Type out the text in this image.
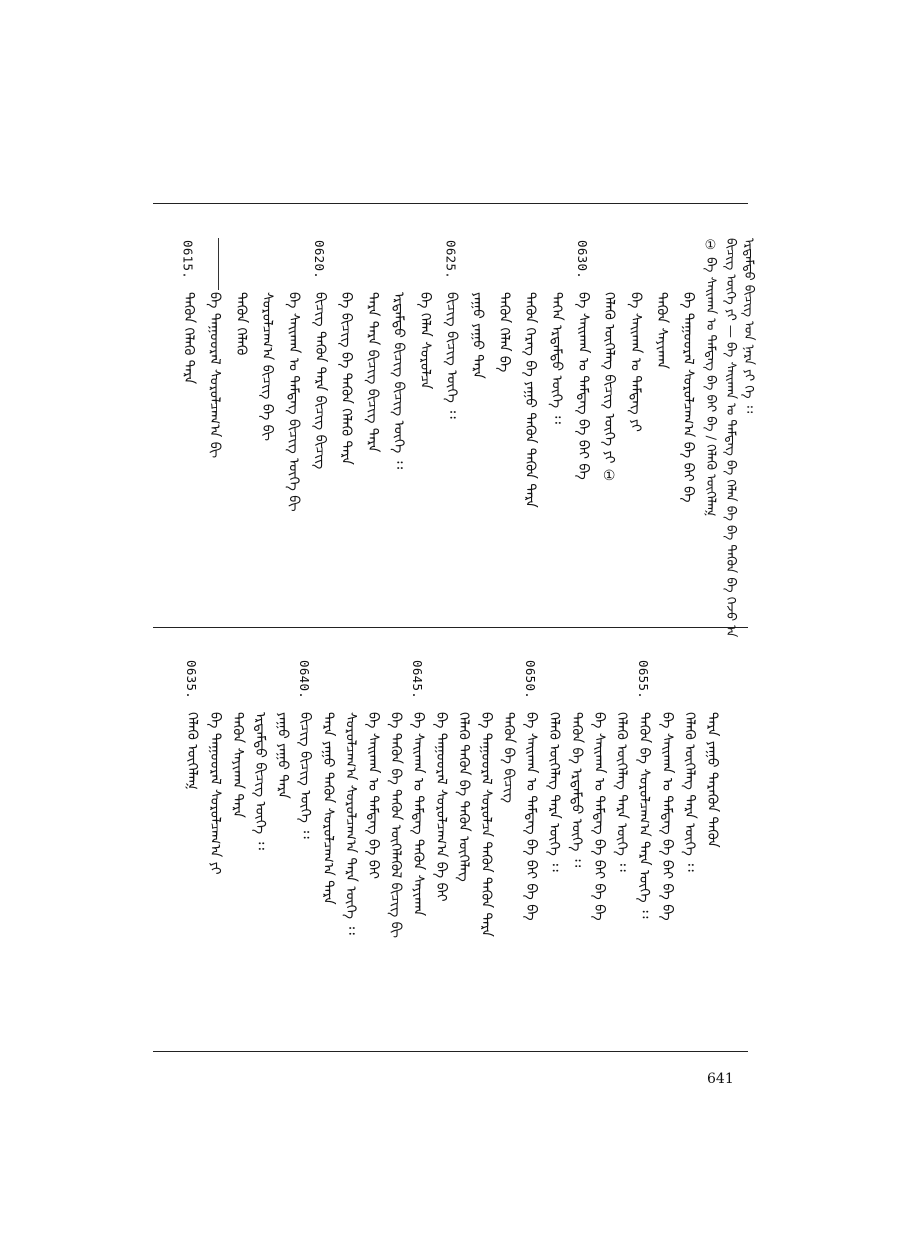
ᠡᠷᠳᠡᠮᠲᠦ ᠪᠢᠴᠢᠭ ᠤᠨ ᠨᠡᠷᠡ ᠶᠢ ᠬᠡ ᠄᠄
ᠪᠢᠴᠢᠭ ᠦᠭᠡ ᠶᠢ — ᠪᠡ ᠰᠠᠢᠬᠠᠨ ᠤ ᠲᠡᠮᠳᠡᠭ ᠪᠡ ᠬᠡᠯᠡᠨ ᠪᠡ ᠪᠡ ᠲᠡᠭᠦᠨ ᠪᠠ ᠭᠡᠵᠦ ᠠ
① ᠪᠡ ᠰᠠᠢᠬᠠᠨ ᠤ ᠲᠡᠮᠳᠡᠭ ᠪᠡ ᠪᠠᠢ ᠪᠡ / ᠬᠡᠯᠡᠬᠦ ᠦᠭᠡᠯᠡᠭ᠍
ᠪᠡ ᠳᠠᠭᠤᠤᠷᠠᠯ ᠰᠤᠷᠤᠯᠴᠠᠭ᠎ᠠ ᠪᠠ ᠪᠠᠢ ᠪᠡ
ᠲᠡᠭᠦᠨ ᠰᠠᠶᠢᠬᠠᠨ
ᠪᠡ ᠰᠠᠢᠬᠠᠨ ᠤ ᠲᠡᠮᠳᠡᠭ ᠶᠢ
ᠬᠡᠯᠡᠬᠦ ᠦᠭᠡᠯᠡᠭ ᠪᠢᠴᠢᠭ ᠦᠭᠡ ᠶᠢ ①
0630.
ᠪᠡ ᠰᠠᠢᠬᠠᠨ ᠤ ᠲᠡᠮᠳᠡᠭ ᠪᠠ ᠪᠠᠢ ᠪᠡ
ᠲᠡᠭᠡᠨ ᠡᠷᠳᠡᠮᠲᠦ ᠦᠭᠡ ᠄᠄
ᠲᠡᠭᠦᠨ ᠬᠡᠷᠡᠭ ᠪᠠ ᠶᠠᠭᠤ ᠲᠡᠭᠦᠨ ᠲᠡᠭᠦᠨ ᠲᠡᠷᠡ
ᠲᠡᠭᠦᠨ ᠬᠡᠯᠡᠨ ᠪᠡ
ᠶᠠᠭᠤ ᠶᠠᠭᠤ ᠲᠡᠷᠡ
0625.
ᠪᠢᠴᠢᠭ᠌ ᠪᠢᠴᠢᠭ ᠦᠭᠡ ᠄᠄
ᠪᠡ ᠬᠡᠯᠡᠨ ᠰᠤᠷᠤᠯᠴᠠ
ᠡᠷᠳᠡᠮᠲᠦ ᠪᠢᠴᠢᠭ ᠪᠢᠴᠢᠭ ᠦᠭᠡ ᠄᠄
ᠲᠡᠷᠡ ᠲᠡᠷᠡ ᠪᠢᠴᠢᠭ ᠪᠢᠴᠢᠭ ᠲᠡᠷᠡ
ᠪᠡ ᠪᠢᠴᠢᠭ ᠪᠠ ᠲᠡᠭᠦᠨ ᠬᠡᠯᠡᠬᠦ ᠲᠡᠷᠡ
0620.
ᠪᠢᠴᠢᠭ᠌ ᠲᠡᠭᠦᠨ ᠲᠡᠷᠡ ᠪᠢᠴᠢᠭ ᠪᠢᠴᠢᠭ
ᠪᠡ ᠰᠠᠢᠬᠠᠨ ᠤ ᠲᠡᠮᠳᠡᠭ ᠪᠢᠴᠢᠭ ᠦᠭᠡ ᠪᠢ
ᠰᠤᠷᠤᠯᠴᠠᠭ᠎ᠠ ᠪᠢᠴᠢᠭ ᠪᠠ ᠪᠢ
ᠲᠡᠭᠦᠨ ᠬᠡᠯᠡᠬᠦ
ᠪᠡ ᠳᠠᠭᠤᠤᠷᠠᠯ ᠰᠤᠷᠤᠯᠴᠠᠭ᠎ᠠ ᠪᠢ
0615.
ᠲᠡᠭᠦᠨ ᠬᠡᠯᠡᠬᠦ ᠲᠡᠷᠡ
ᠲᠡᠷᠡ ᠶᠠᠭᠤ ᠲᠡᠷᠡᠭᠦᠨ ᠲᠡᠭᠦᠨ
ᠬᠡᠯᠡᠬᠦ ᠦᠭᠡᠯᠡᠭ ᠲᠡᠷᠡ ᠦᠭᠡ ᠄᠄
ᠪᠡ ᠰᠠᠢᠬᠠᠨ ᠤ ᠲᠡᠮᠳᠡᠭ ᠪᠠ ᠪᠠᠢ ᠪᠡ ᠪᠡ
0655.
ᠲᠡᠭᠦᠨ ᠪᠠ ᠰᠤᠷᠤᠯᠴᠠᠭ᠎ᠠ ᠲᠡᠷᠡ ᠦᠭᠡ ᠄᠄
ᠬᠡᠯᠡᠬᠦ ᠦᠭᠡᠯᠡᠭ ᠲᠡᠷᠡ ᠦᠭᠡ ᠄᠄
ᠪᠡ ᠰᠠᠢᠬᠠᠨ ᠤ ᠲᠡᠮᠳᠡᠭ ᠪᠠ ᠪᠠᠢ ᠪᠡ ᠪᠡ
ᠲᠡᠭᠦᠨ ᠪᠠ ᠡᠷᠳᠡᠮᠲᠦ ᠦᠭᠡ ᠄᠄
ᠬᠡᠯᠡᠬᠦ ᠦᠭᠡᠯᠡᠭ ᠲᠡᠷᠡ ᠦᠭᠡ ᠄᠄
0650.
ᠪᠡ ᠰᠠᠢᠬᠠᠨ ᠤ ᠲᠡᠮᠳᠡᠭ ᠪᠠ ᠪᠠᠢ ᠪᠡ ᠪᠡ
ᠲᠡᠭᠦᠨ ᠪᠡ ᠪᠢᠴᠢᠭ
ᠪᠡ ᠳᠠᠭᠤᠤᠷᠠᠯ ᠰᠤᠷᠤᠯᠴᠠ ᠲᠡᠭᠦᠨ ᠲᠡᠭᠦᠨ ᠲᠡᠷᠡ
ᠬᠡᠯᠡᠬᠦ ᠲᠡᠭᠦᠨ ᠪᠠ ᠲᠡᠭᠦᠨ ᠦᠭᠡᠯᠡᠭ
ᠪᠡ ᠳᠠᠭᠤᠤᠷᠠᠯ ᠰᠤᠷᠤᠯᠴᠠᠭ᠎ᠠ ᠪᠠ ᠪᠠᠢ
0645.
ᠪᠡ ᠰᠠᠢᠬᠠᠨ ᠤ ᠲᠡᠮᠳᠡᠭ ᠲᠡᠭᠦᠨ ᠰᠠᠶᠢᠬᠠᠨ
ᠪᠡ ᠲᠡᠭᠦᠨ ᠪᠠ ᠲᠡᠭᠦᠨ ᠦᠭᠡᠯᠡᠭᠦᠯ ᠪᠢᠴᠢᠭ ᠪᠢ
ᠪᠡ ᠰᠠᠢᠬᠠᠨ ᠤ ᠲᠡᠮᠳᠡᠭ ᠪᠠ ᠪᠠᠢ
ᠰᠤᠷᠤᠯᠴᠠᠭ᠎ᠠ ᠰᠤᠷᠤᠯᠴᠠᠭ᠎ᠠ ᠲᠡᠷᠡ ᠦᠭᠡ ᠄᠄
ᠲᠡᠷᠡ ᠶᠠᠭᠤ ᠲᠡᠭᠦᠨ ᠰᠤᠷᠤᠯᠴᠠᠭ᠎ᠠ ᠲᠡᠷᠡ
0640.
ᠪᠢᠴᠢᠭ᠌ ᠪᠢᠴᠢᠭ ᠦᠭᠡ ᠄᠄
ᠶᠠᠭᠤ ᠶᠠᠭᠤ ᠲᠡᠷᠡ
ᠡᠷᠳᠡᠮᠲᠦ ᠪᠢᠴᠢᠭ ᠦᠭᠡ ᠄᠄
ᠲᠡᠭᠦᠨ ᠰᠠᠶᠢᠬᠠᠨ ᠲᠡᠷᠡ
ᠪᠡ ᠳᠠᠭᠤᠤᠷᠠᠯ ᠰᠤᠷᠤᠯᠴᠠᠭ᠎ᠠ ᠶᠢ
0635.
ᠬᠡᠯᠡᠬᠦ ᠦᠭᠡᠯᠡᠭ᠍
641
